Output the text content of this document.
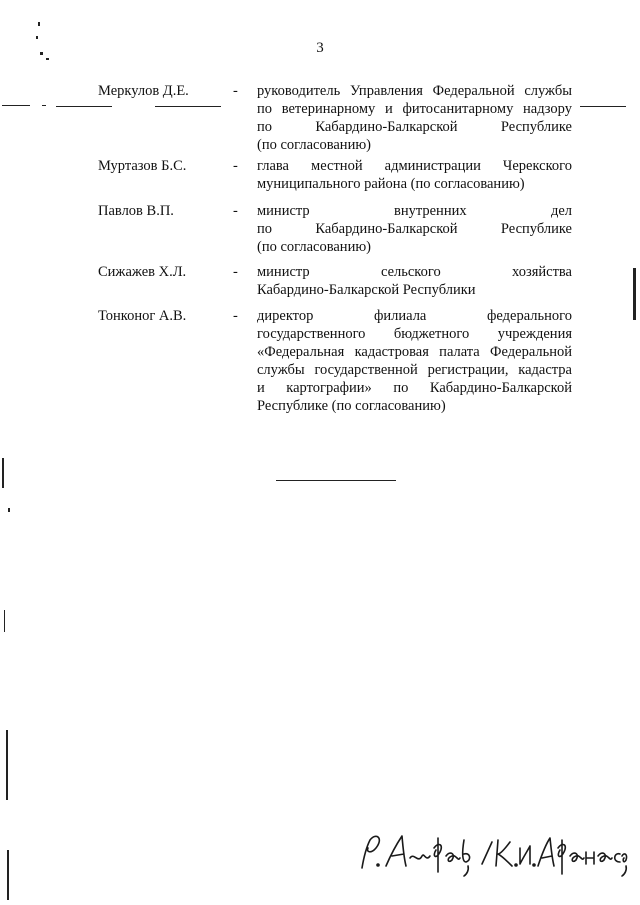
3
Меркулов Д.Е.	- руководитель Управления Федеральной службы
по ветеринарному и фитосанитарному надзору
по Кабардино-Балкарской Республике
(по согласованию)
Муртазов Б.С.	- глава местной администрации Черекского
муниципального района (по согласованию)
Павлов В.П.	- министр внутренних дел
по Кабардино-Балкарской Республике
(по согласованию)
Сижажев Х.Л.	- министр сельского хозяйства
Кабардино-Балкарской Республики
Тонконог А.В.	- директор филиала федерального
государственного бюджетного учреждения
«Федеральная кадастровая палата Федеральной
службы государственной регистрации, кадастра
и картографии» по Кабардино-Балкарской
Республике (по согласованию)
